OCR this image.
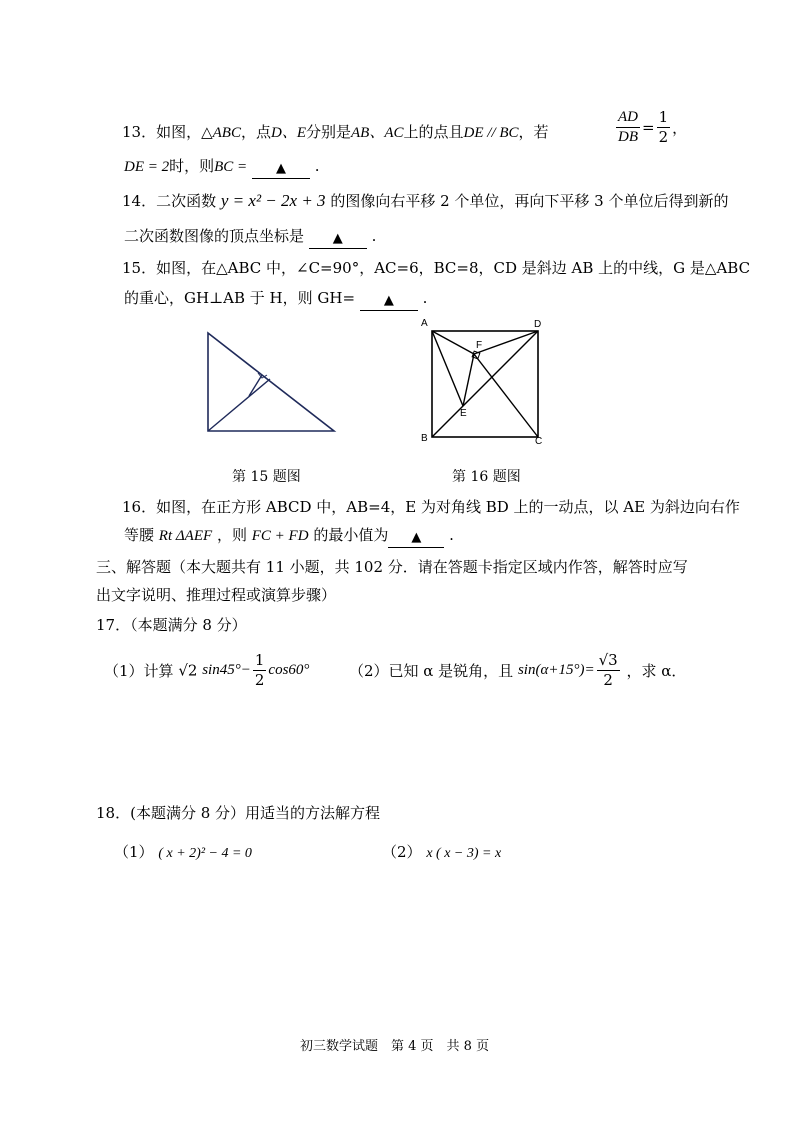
13．如图，△ABC，点D、E分别是AB、AC上的点且DE // BC，若	$\frac{AD}{DB} = \frac{1}{2}$ ，
DE = 2时，则BC = ▲ .
14．二次函数 y = x² − 2x + 3 的图像向右平移 2 个单位，再向下平移 3 个单位后得到新的
二次函数图像的顶点坐标是 ▲ .
15．如图，在△ABC 中，∠C=90°，AC=6，BC=8，CD 是斜边 AB 上的中线，G 是△ABC
的重心，GH⊥AB 于 H，则 GH= ▲ .
A	D
B	C
E
F
第 15 题图	第 16 题图
16．如图，在正方形 ABCD 中，AB=4，E 为对角线 BD 上的一动点，以 AE 为斜边向右作
等腰 Rt ΔAEF ，则 FC + FD 的最小值为 ▲ .
三、解答题（本大题共有 11 小题，共 102 分．请在答题卡指定区域内作答，解答时应写
出文字说明、推理过程或演算步骤）
17．（本题满分 8 分）
（1）计算 √2 $\sin 45^\circ- \frac{1}{2} \cos 60^\circ$	（2）已知 α 是锐角，且 $\sin(\alpha+15^\circ)= \frac{√3}{2}$ ，求 α．
18．(本题满分 8 分）用适当的方法解方程
（1） ( x + 2)² − 4 = 0	（2） x ( x − 3) = x
初三数学试题　第 4 页　共 8 页
